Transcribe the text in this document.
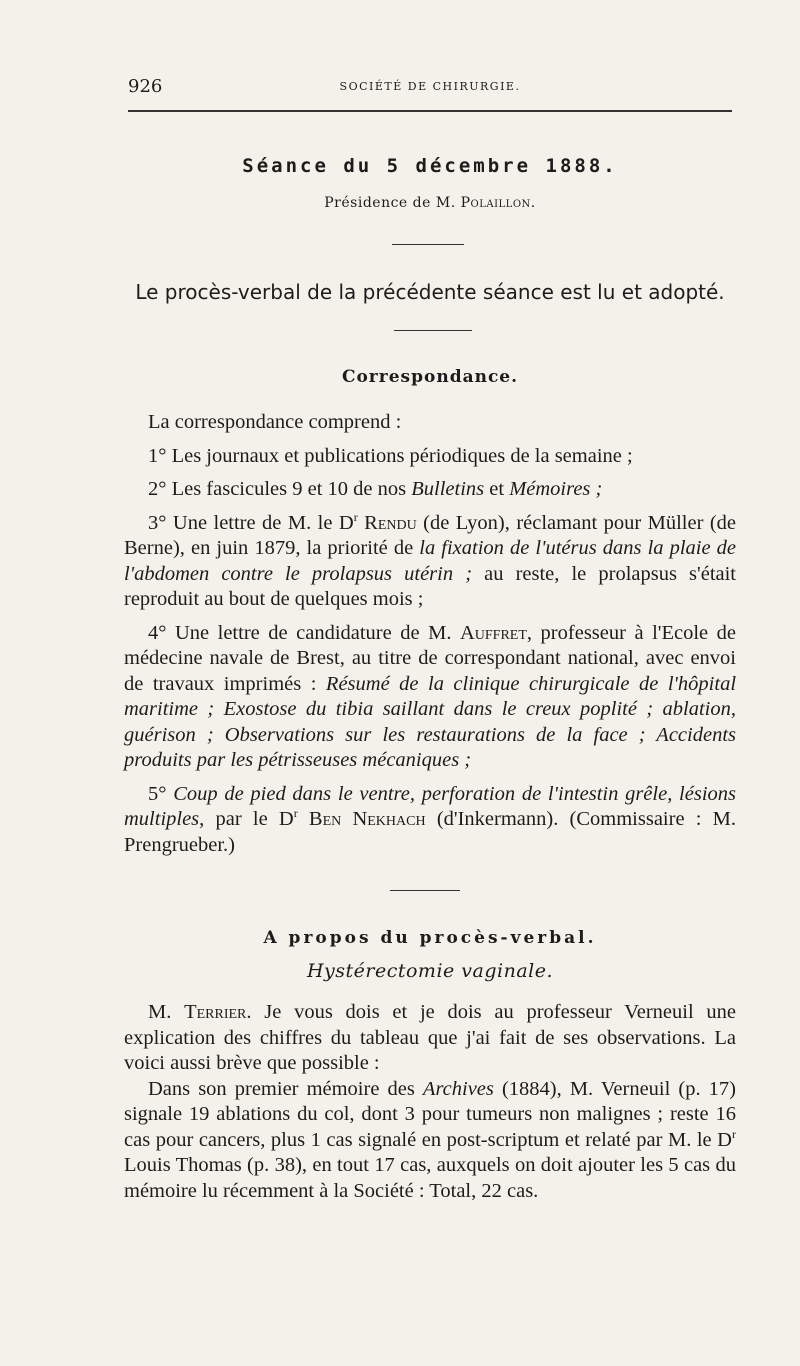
926	SOCIÉTÉ DE CHIRURGIE.
Séance du 5 décembre 1888.
Présidence de M. Polaillon.
Le procès-verbal de la précédente séance est lu et adopté.
Correspondance.

La correspondance comprend :

1° Les journaux et publications périodiques de la semaine ;

2° Les fascicules 9 et 10 de nos Bulletins et Mémoires ;

3° Une lettre de M. le $D^r$ Rendu (de Lyon), réclamant pour Müller (de Berne), en juin 1879, la priorité de la fixation de l'utérus dans la plaie de l'abdomen contre le prolapsus utérin ; au reste, le prolapsus s'était reproduit au bout de quelques mois ;

4° Une lettre de candidature de M. Auffret, professeur à l'Ecole de médecine navale de Brest, au titre de correspondant national, avec envoi de travaux imprimés : Résumé de la clinique chirurgicale de l'hôpital maritime ; Exostose du tibia saillant dans le creux poplité ; ablation, guérison ; Observations sur les restaurations de la face ; Accidents produits par les pétrisseuses mécaniques ;

5° Coup de pied dans le ventre, perforation de l'intestin grêle, lésions multiples, par le $D^r$ Ben Nekhach (d'Inkermann). (Commissaire : M. Prengrueber.)

A propos du procès-verbal.
Hystérectomie vaginale.

M. Terrier. Je vous dois et je dois au professeur Verneuil une explication des chiffres du tableau que j'ai fait de ses observations. La voici aussi brève que possible :

Dans son premier mémoire des Archives (1884), M. Verneuil (p. 17) signale 19 ablations du col, dont 3 pour tumeurs non malignes ; reste 16 cas pour cancers, plus 1 cas signalé en post-scriptum et relaté par M. le $D^r$ Louis Thomas (p. 38), en tout 17 cas, auxquels on doit ajouter les 5 cas du mémoire lu récemment à la Société : Total, 22 cas.
